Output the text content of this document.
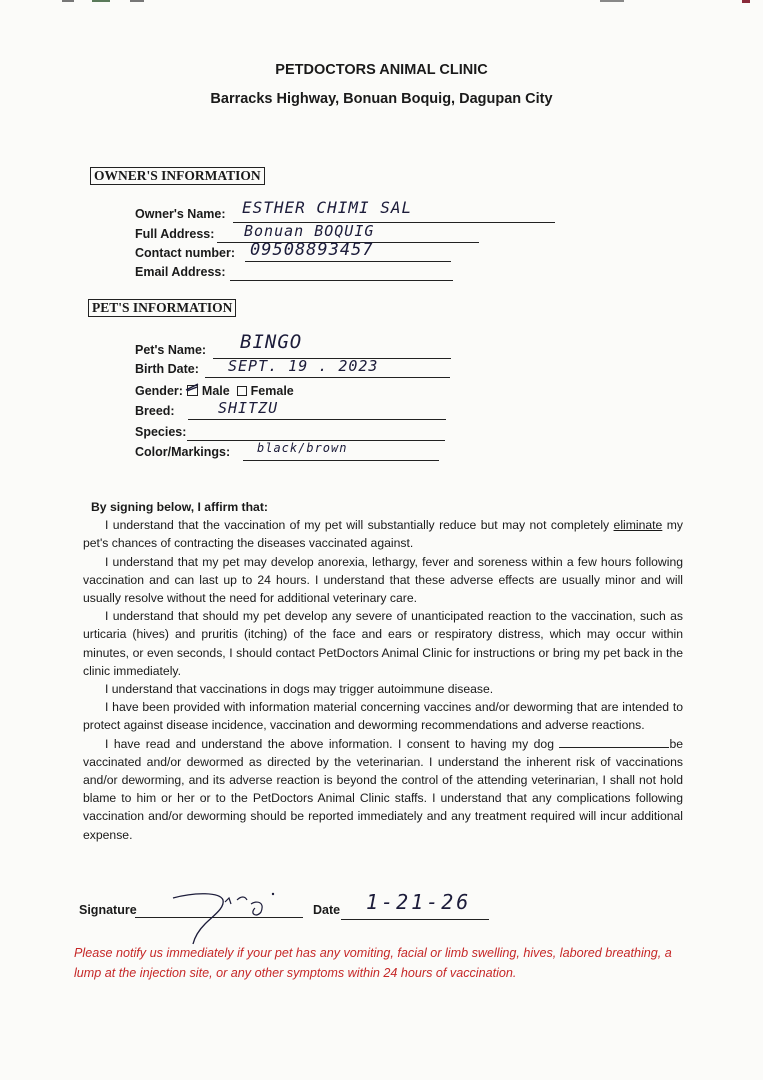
PETDOCTORS ANIMAL CLINIC
Barracks Highway, Bonuan Boquig, Dagupan City
OWNER'S INFORMATION
Owner's Name: ESTHER CHIMI SAL
Full Address: Bonuan BOQUIG
Contact number: 09508893457
Email Address:
PET'S INFORMATION
Pet's Name: BINGO
Birth Date: SEPT. 19 . 2023
Gender: Male Female
Breed:	SHITZU
Species:
Color/Markings: black/brown

By signing below, I affirm that:

I understand that the vaccination of my pet will substantially reduce but may not completely eliminate my pet's chances of contracting the diseases vaccinated against.

I understand that my pet may develop anorexia, lethargy, fever and soreness within a few hours following vaccination and can last up to 24 hours. I understand that these adverse effects are usually minor and will usually resolve without the need for additional veterinary care.

I understand that should my pet develop any severe of unanticipated reaction to the vaccination, such as urticaria (hives) and pruritis (itching) of the face and ears or respiratory distress, which may occur within minutes, or even seconds, I should contact PetDoctors Animal Clinic for instructions or bring my pet back in the clinic immediately.

I understand that vaccinations in dogs may trigger autoimmune disease.

I have been provided with information material concerning vaccines and/or deworming that are intended to protect against disease incidence, vaccination and deworming recommendations and adverse reactions.

I have read and understand the above information. I consent to having my dog	be vaccinated and/or dewormed as directed by the veterinarian. I understand the inherent risk of vaccinations and/or deworming, and its adverse reaction is beyond the control of the attending veterinarian, I shall not hold blame to him or her or to the PetDoctors Animal Clinic staffs. I understand that any complications following vaccination and/or deworming should be reported immediately and any treatment required will incur additional expense.

Signature	Date 1-21-26
Please notify us immediately if your pet has any vomiting, facial or limb swelling, hives, labored breathing, a lump at the injection site, or any other symptoms within 24 hours of vaccination.
